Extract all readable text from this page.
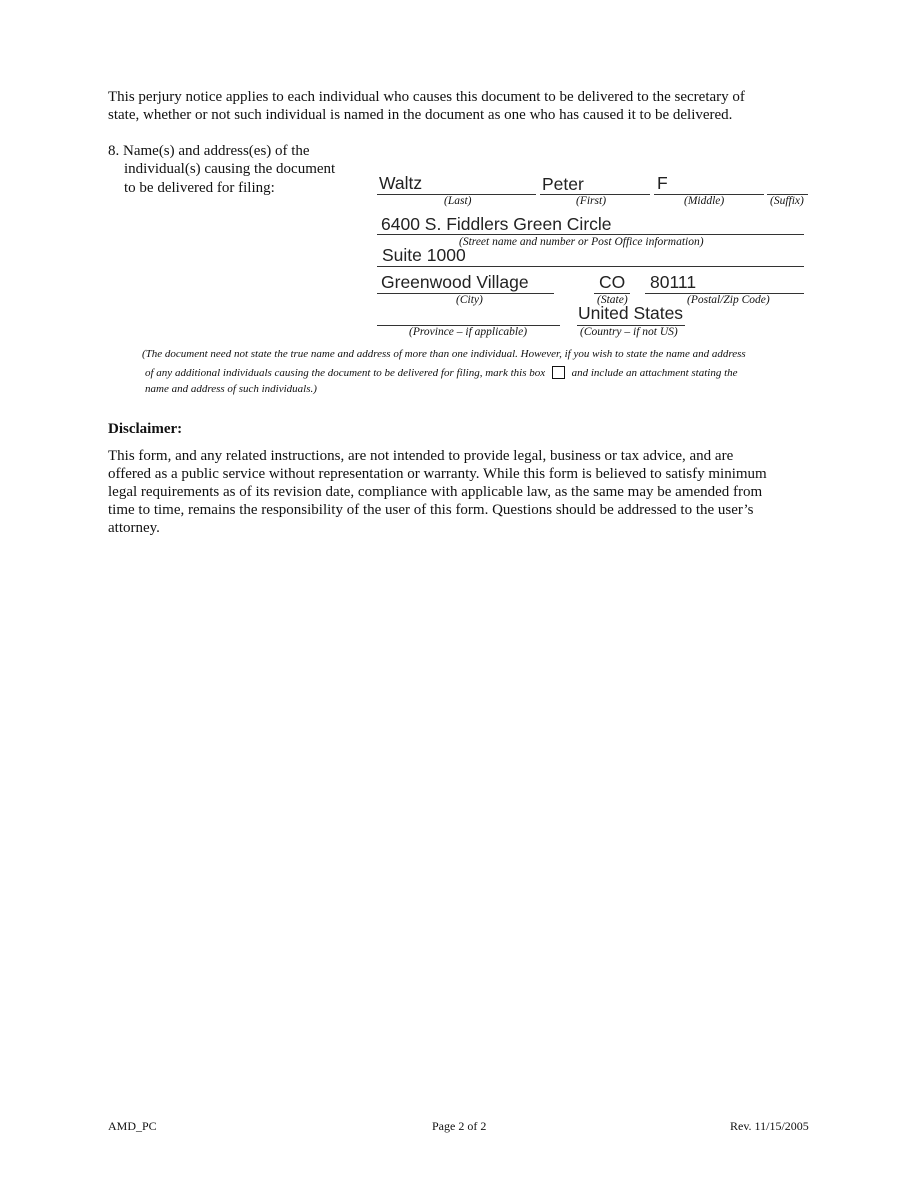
This perjury notice applies to each individual who causes this document to be delivered to the secretary of
state, whether or not such individual is named in the document as one who has caused it to be delivered.
8. Name(s) and address(es) of the
individual(s) causing the document
to be delivered for filing:	Waltz
(Last)
Peter
(First)
F
(Middle)	(Suffix)
6400 S. Fiddlers Green Circle
(Street name and number or Post Office information)
Suite 1000
Greenwood Village
(City)
CO
(State)
80111
(Postal/Zip Code)
(Province – if applicable)
United States
(Country – if not US)
(The document need not state the true name and address of more than one individual. However, if you wish to state the name and address
of any additional individuals causing the document to be delivered for filing, mark this box and include an attachment stating the
name and address of such individuals.)
Disclaimer:
This form, and any related instructions, are not intended to provide legal, business or tax advice, and are
offered as a public service without representation or warranty. While this form is believed to satisfy minimum
legal requirements as of its revision date, compliance with applicable law, as the same may be amended from
time to time, remains the responsibility of the user of this form. Questions should be addressed to the user’s
attorney.
AMD_PC	Page 2 of 2	Rev. 11/15/2005
